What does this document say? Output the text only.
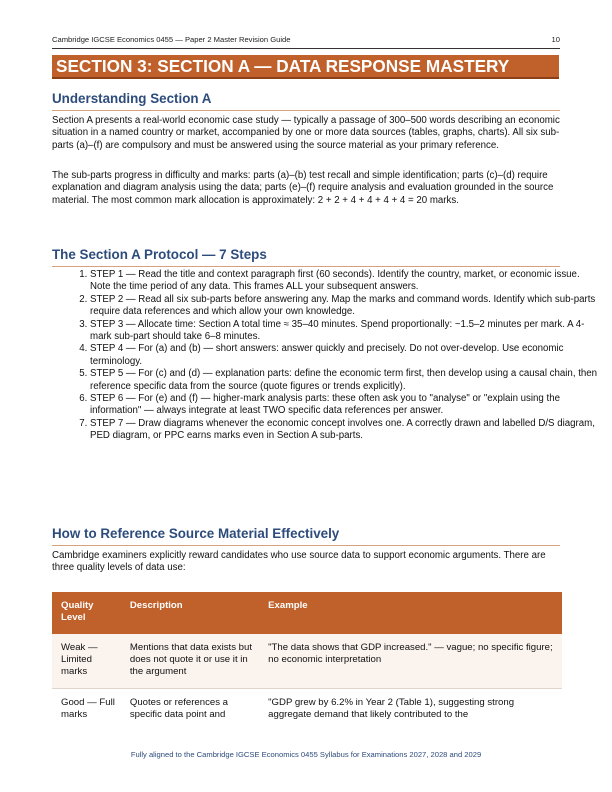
Cambridge IGCSE Economics 0455 — Paper 2 Master Revision Guide	10
SECTION 3: SECTION A — DATA RESPONSE MASTERY
Understanding Section A

Section A presents a real-world economic case study — typically a passage of 300–500 words describing an economic situation in a named country or market, accompanied by one or more data sources (tables, graphs, charts). All six sub-parts (a)–(f) are compulsory and must be answered using the source material as your primary reference.

The sub-parts progress in difficulty and marks: parts (a)–(b) test recall and simple identification; parts (c)–(d) require explanation and diagram analysis using the data; parts (e)–(f) require analysis and evaluation grounded in the source material. The most common mark allocation is approximately: 2 + 2 + 4 + 4 + 4 + 4 = 20 marks.

The Section A Protocol — 7 Steps
1. STEP 1 — Read the title and context paragraph first (60 seconds). Identify the country, market, or economic issue. Note the time period of any data. This frames ALL your subsequent answers.
2. STEP 2 — Read all six sub-parts before answering any. Map the marks and command words. Identify which sub-parts require data references and which allow your own knowledge.
3. STEP 3 — Allocate time: Section A total time ≈ 35–40 minutes. Spend proportionally: ~1.5–2 minutes per mark. A 4-mark sub-part should take 6–8 minutes.
4. STEP 4 — For (a) and (b) — short answers: answer quickly and precisely. Do not over-develop. Use economic terminology.
5. STEP 5 — For (c) and (d) — explanation parts: define the economic term first, then develop using a causal chain, then reference specific data from the source (quote figures or trends explicitly).
6. STEP 6 — For (e) and (f) — higher-mark analysis parts: these often ask you to "analyse" or "explain using the information" — always integrate at least TWO specific data references per answer.
7. STEP 7 — Draw diagrams whenever the economic concept involves one. A correctly drawn and labelled D/S diagram, PED diagram, or PPC earns marks even in Section A sub-parts.
How to Reference Source Material Effectively

Cambridge examiners explicitly reward candidates who use source data to support economic arguments. There are three quality levels of data use:

Quality Level	Description	Example
Weak — Limited marks	Mentions that data exists but does not quote it or use it in the argument	"The data shows that GDP increased." — vague; no specific figure; no economic interpretation
Good — Full marks	Quotes or references a specific data point and	"GDP grew by 6.2% in Year 2 (Table 1), suggesting strong aggregate demand that likely contributed to the
Fully aligned to the Cambridge IGCSE Economics 0455 Syllabus for Examinations 2027, 2028 and 2029
